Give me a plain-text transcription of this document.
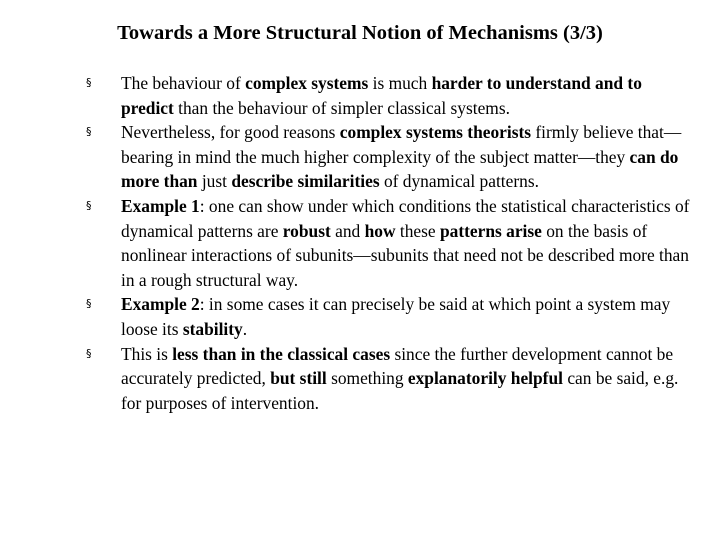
Towards a More Structural Notion of Mechanisms (3/3)
§ The behaviour of complex systems is much harder to understand and to predict than the behaviour of simpler classical systems.
§ Nevertheless, for good reasons complex systems theorists firmly believe that—bearing in mind the much higher complexity of the subject matter—they can do more than just describe similarities of dynamical patterns.
§ Example 1: one can show under which conditions the statistical characteristics of dynamical patterns are robust and how these patterns arise on the basis of nonlinear interactions of subunits—subunits that need not be described more than in a rough structural way.
§ Example 2: in some cases it can precisely be said at which point a system may loose its stability.
§ This is less than in the classical cases since the further development cannot be accurately predicted, but still something explanatorily helpful can be said, e.g. for purposes of intervention.
